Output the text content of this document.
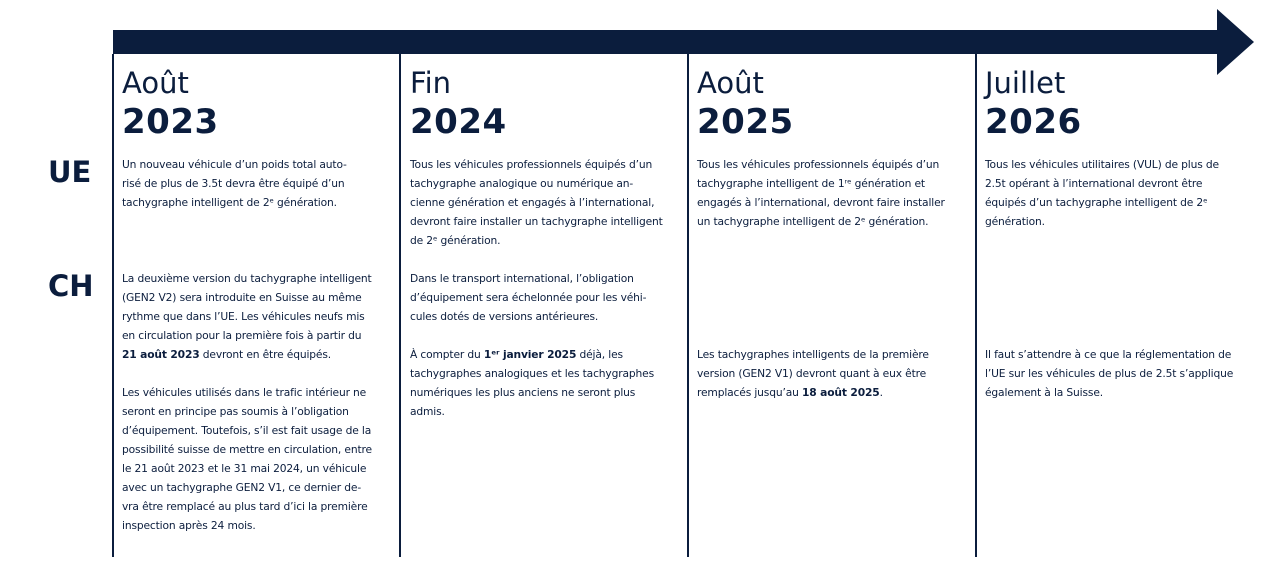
UE
CH
Août
2023
Un nouveau véhicule d’un poids total auto-
risé de plus de 3.5t devra être équipé d’un
tachygraphe intelligent de 2ᵉ génération.
La deuxième version du tachygraphe intelligent
(GEN2 V2) sera introduite en Suisse au même
rythme que dans l’UE. Les véhicules neufs mis
en circulation pour la première fois à partir du
21 août 2023 devront en être équipés.
Les véhicules utilisés dans le trafic intérieur ne
seront en principe pas soumis à l’obligation
d’équipement. Toutefois, s’il est fait usage de la
possibilité suisse de mettre en circulation, entre
le 21 août 2023 et le 31 mai 2024, un véhicule
avec un tachygraphe GEN2 V1, ce dernier de-
vra être remplacé au plus tard d’ici la première
inspection après 24 mois.
Fin
2024
Tous les véhicules professionnels équipés d’un
tachygraphe analogique ou numérique an-
cienne génération et engagés à l’international,
devront faire installer un tachygraphe intelligent
de 2ᵉ génération.
Dans le transport international, l’obligation
d’équipement sera échelonnée pour les véhi-
cules dotés de versions antérieures.
À compter du 1ᵉʳ janvier 2025 déjà, les
tachygraphes analogiques et les tachygraphes
numériques les plus anciens ne seront plus
admis.
Août
2025
Tous les véhicules professionnels équipés d’un
tachygraphe intelligent de 1ʳᵉ génération et
engagés à l’international, devront faire installer
un tachygraphe intelligent de 2ᵉ génération.
Les tachygraphes intelligents de la première
version (GEN2 V1) devront quant à eux être
remplacés jusqu’au 18 août 2025.
Juillet
2026
Tous les véhicules utilitaires (VUL) de plus de
2.5t opérant à l’international devront être
équipés d’un tachygraphe intelligent de 2ᵉ
génération.
Il faut s’attendre à ce que la réglementation de
l’UE sur les véhicules de plus de 2.5t s’applique
également à la Suisse.
